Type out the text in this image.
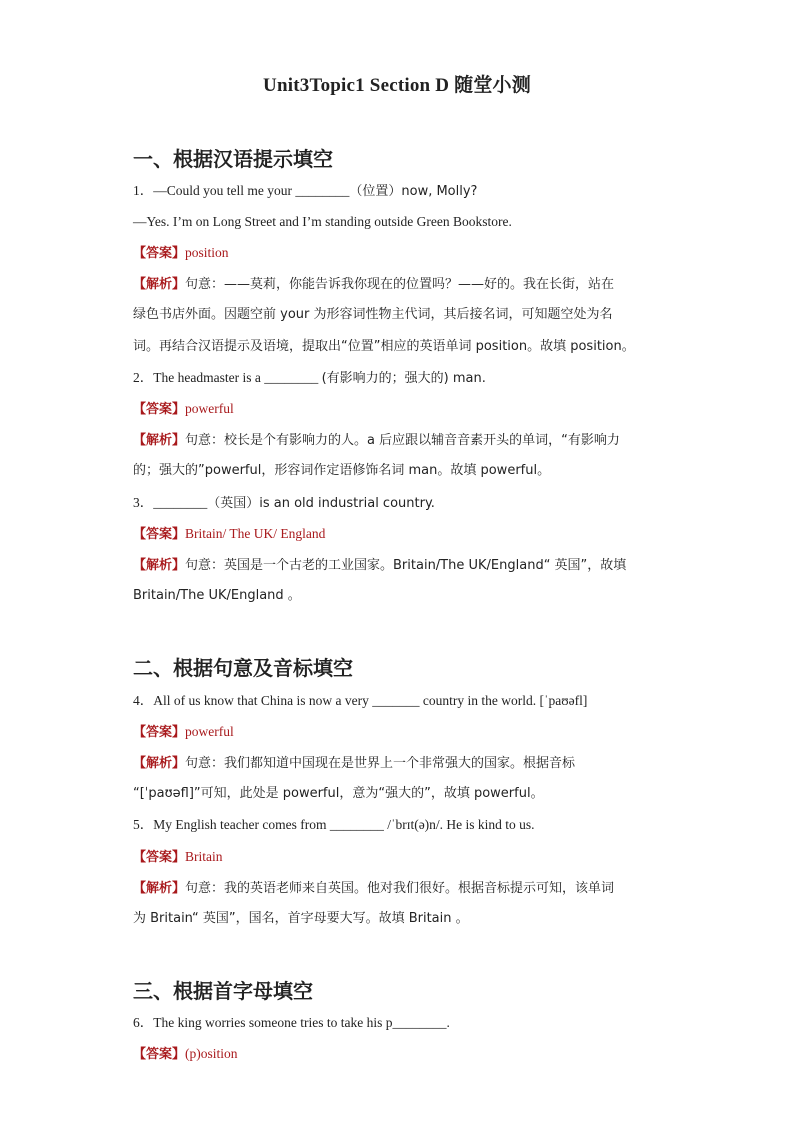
Unit3Topic1 Section D 随堂小测
一、根据汉语提示填空
1．—Could you tell me your ________（位置）now, Molly?
—Yes. I’m on Long Street and I’m standing outside Green Bookstore.
【答案】position
【解析】句意：——莫莉，你能告诉我你现在的位置吗？——好的。我在长街，站在
绿色书店外面。因题空前 your 为形容词性物主代词，其后接名词，可知题空处为名
词。再结合汉语提示及语境，提取出“位置”相应的英语单词 position。故填 position。
2．The headmaster is a ________ (有影响力的；强大的) man.
【答案】powerful
【解析】句意：校长是个有影响力的人。a 后应跟以辅音音素开头的单词，“有影响力
的；强大的”powerful，形容词作定语修饰名词 man。故填 powerful。
3．________（英国）is an old industrial country.
【答案】Britain/ The UK/ England
【解析】句意：英国是一个古老的工业国家。Britain/The UK/England“ 英国”，故填
Britain/The UK/England 。
二、根据句意及音标填空
4．All of us know that China is now a very _______ country in the world. [ˈpaʊəfl]
【答案】powerful
【解析】句意：我们都知道中国现在是世界上一个非常强大的国家。根据音标
“[ˈpaʊəfl]”可知，此处是 powerful，意为“强大的”，故填 powerful。
5．My English teacher comes from ________ /ˈbrɪt(ə)n/. He is kind to us.
【答案】Britain
【解析】句意：我的英语老师来自英国。他对我们很好。根据音标提示可知，该单词
为 Britain“ 英国”，国名，首字母要大写。故填 Britain 。
三、根据首字母填空
6．The king worries someone tries to take his p________.
【答案】(p)osition
